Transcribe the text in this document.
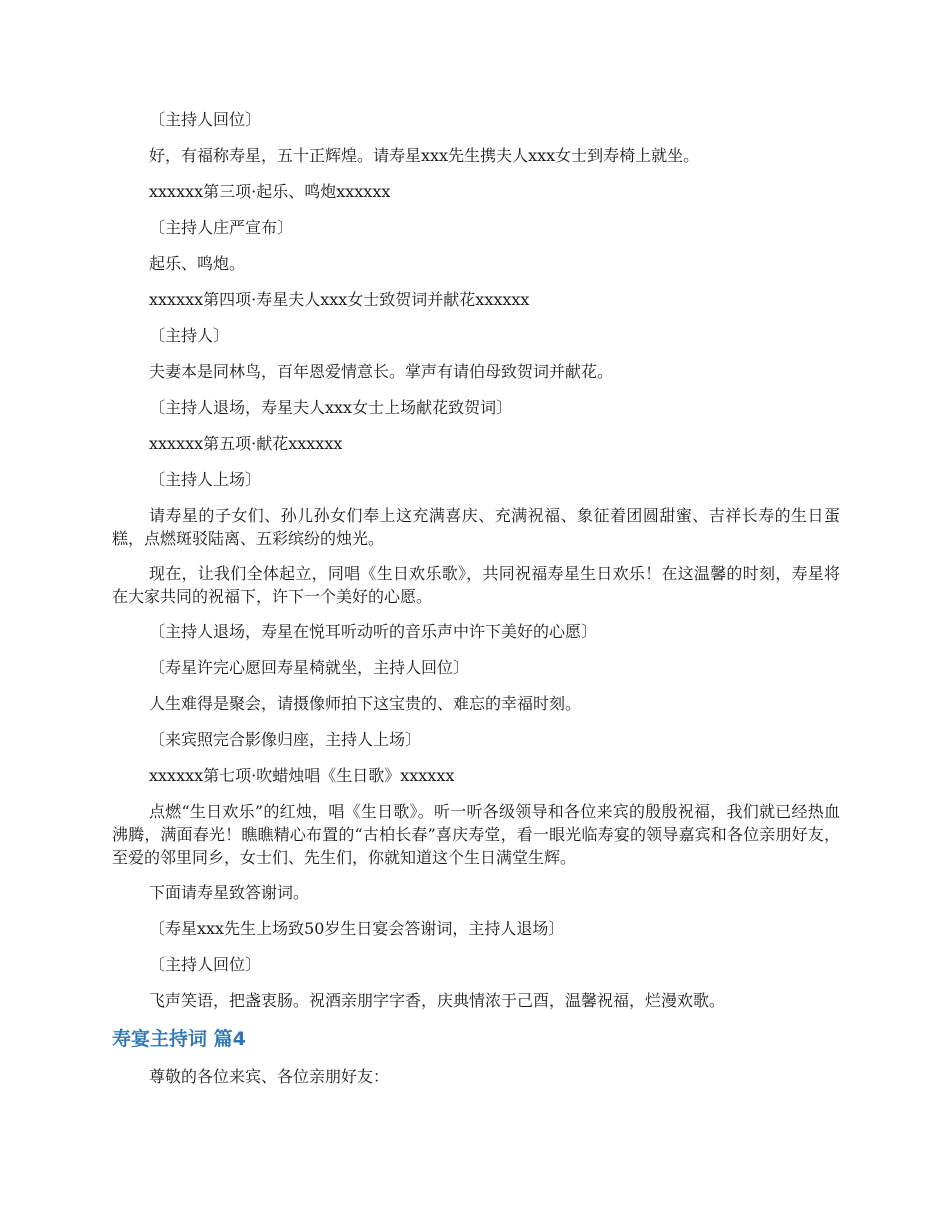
〔主持人回位〕

好，有福称寿星，五十正辉煌。请寿星xxx先生携夫人xxx女士到寿椅上就坐。

xxxxxx第三项·起乐、鸣炮xxxxxx

〔主持人庄严宣布〕

起乐、鸣炮。

xxxxxx第四项·寿星夫人xxx女士致贺词并献花xxxxxx

〔主持人〕

夫妻本是同林鸟，百年恩爱情意长。掌声有请伯母致贺词并献花。

〔主持人退场，寿星夫人xxx女士上场献花致贺词〕

xxxxxx第五项·献花xxxxxx

〔主持人上场〕

请寿星的子女们、孙儿孙女们奉上这充满喜庆、充满祝福、象征着团圆甜蜜、吉祥长寿的生日蛋糕，点燃斑驳陆离、五彩缤纷的烛光。

现在，让我们全体起立，同唱《生日欢乐歌》，共同祝福寿星生日欢乐！在这温馨的时刻，寿星将在大家共同的祝福下，许下一个美好的心愿。

〔主持人退场，寿星在悦耳听动听的音乐声中许下美好的心愿〕

〔寿星许完心愿回寿星椅就坐，主持人回位〕

人生难得是聚会，请摄像师拍下这宝贵的、难忘的幸福时刻。

〔来宾照完合影像归座，主持人上场〕

xxxxxx第七项·吹蜡烛唱《生日歌》xxxxxx

点燃“生日欢乐”的红烛，唱《生日歌》。听一听各级领导和各位来宾的殷殷祝福，我们就已经热血沸腾，满面春光！瞧瞧精心布置的“古柏长春”喜庆寿堂，看一眼光临寿宴的领导嘉宾和各位亲朋好友，至爱的邻里同乡，女士们、先生们，你就知道这个生日满堂生辉。

下面请寿星致答谢词。

〔寿星xxx先生上场致50岁生日宴会答谢词，主持人退场〕

〔主持人回位〕

飞声笑语，把盏衷肠。祝酒亲朋字字香，庆典情浓于己酉，温馨祝福，烂漫欢歌。

寿宴主持词 篇4

尊敬的各位来宾、各位亲朋好友：
